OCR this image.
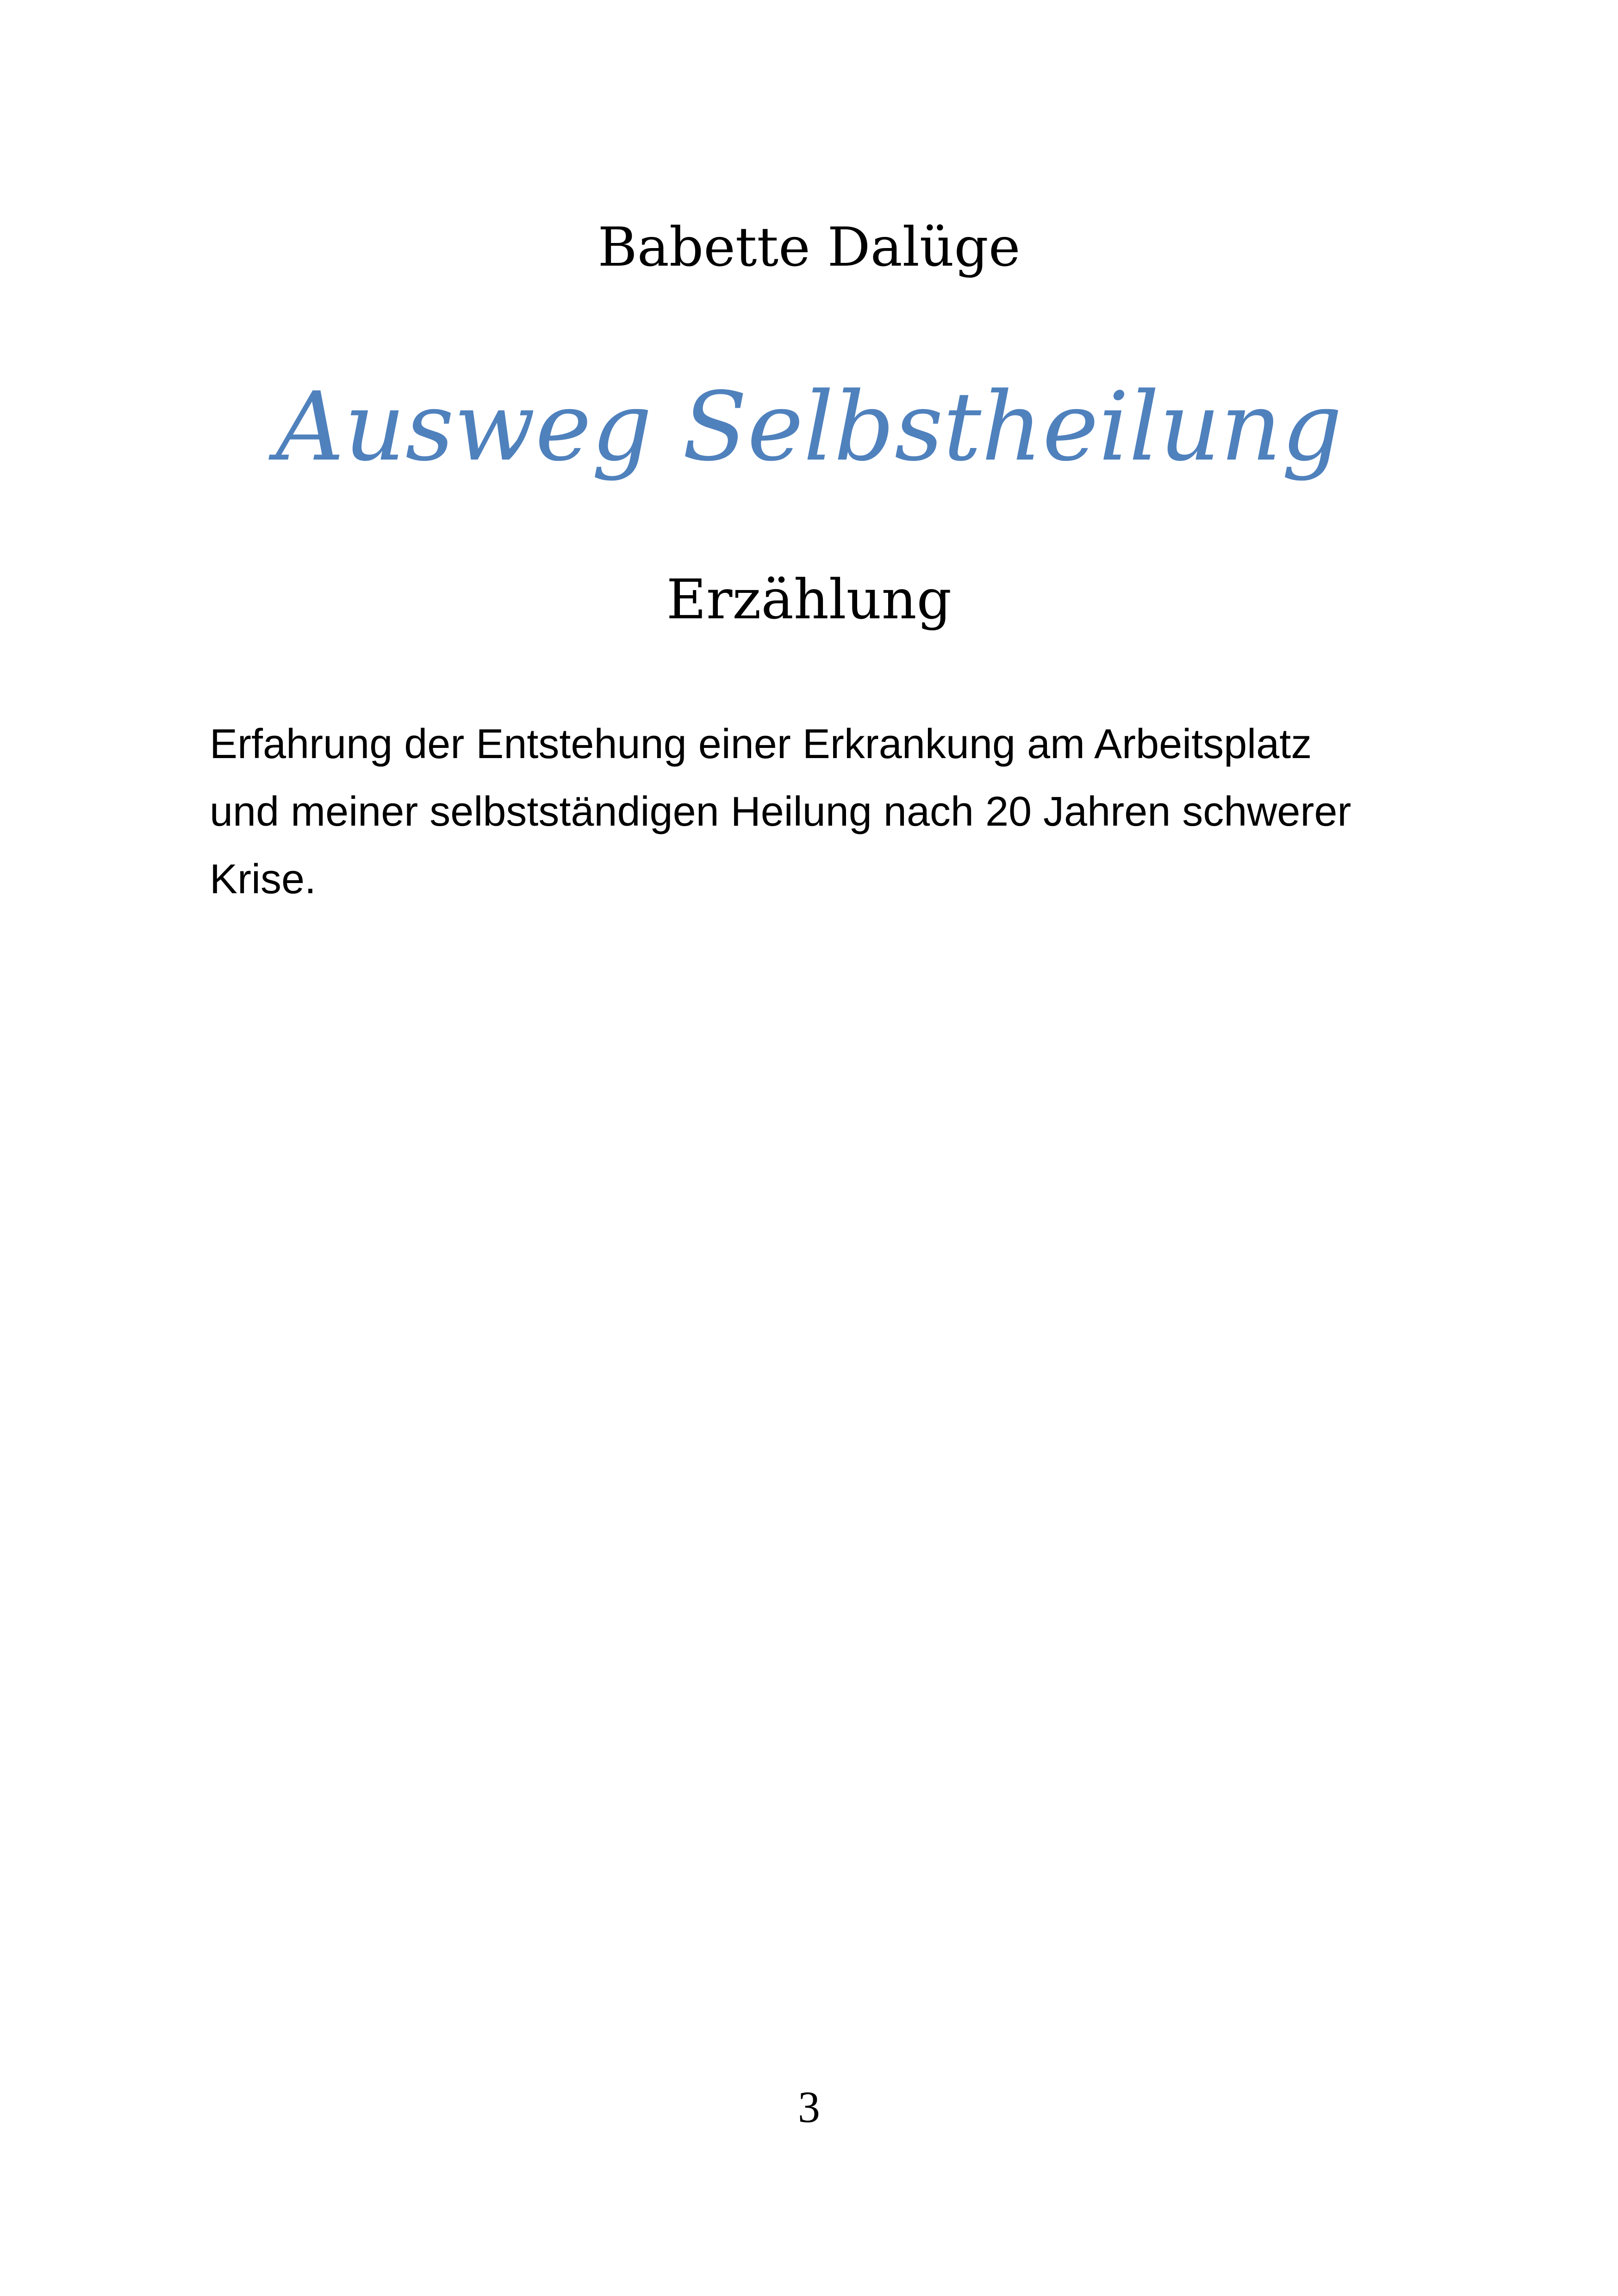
Babette Dalüge
Ausweg Selbstheilung
Erzählung
Erfahrung der Entstehung einer Erkrankung am Arbeitsplatz
und meiner selbstständigen Heilung nach 20 Jahren schwerer
Krise.
3
